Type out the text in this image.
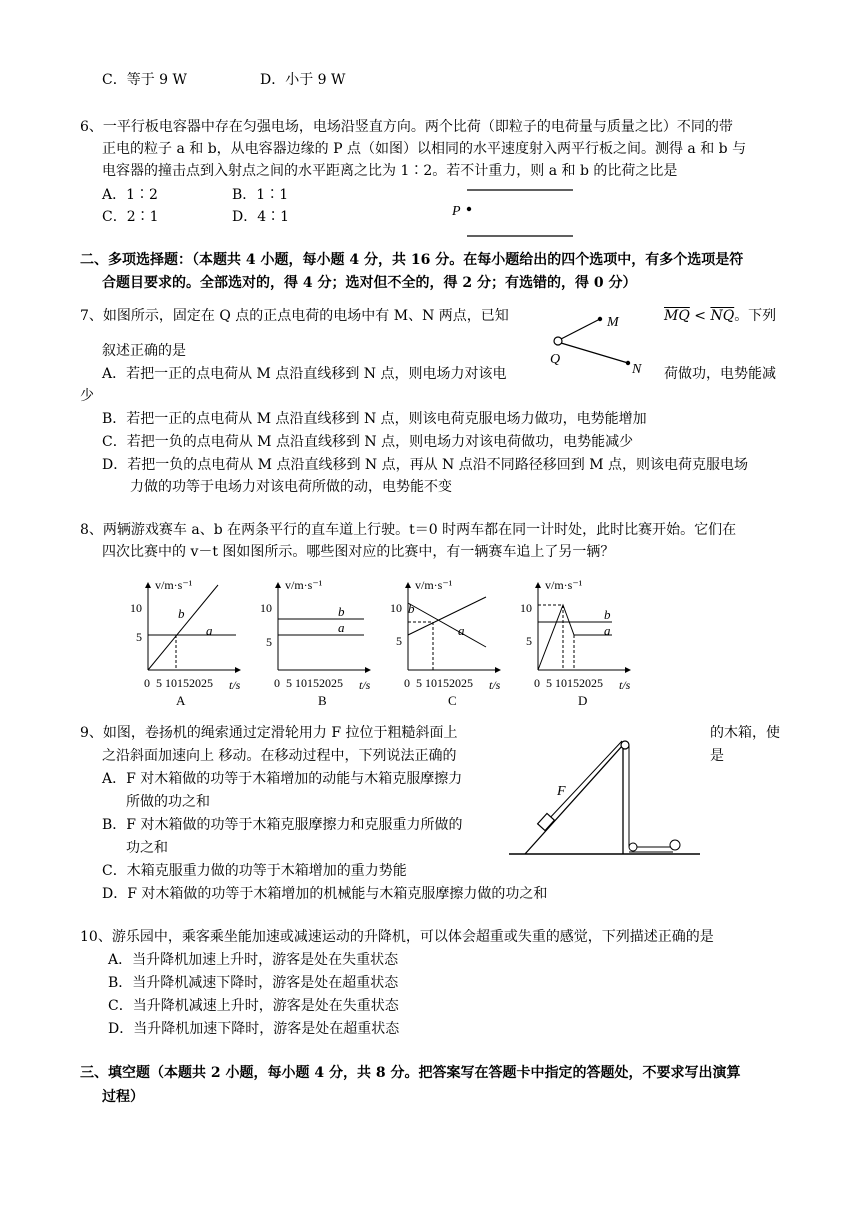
C．等于 9 W	D．小于 9 W
6、一平行板电容器中存在匀强电场，电场沿竖直方向。两个比荷（即粒子的电荷量与质量之比）不同的带
正电的粒子 a 和 b，从电容器边缘的 P 点（如图）以相同的水平速度射入两平行板之间。测得 a 和 b 与
电容器的撞击点到入射点之间的水平距离之比为 1∶2。若不计重力，则 a 和 b 的比荷之比是
A．1∶2	B．1∶1
C．2∶1	D．4∶1	P
二、多项选择题：（本题共 4 小题，每小题 4 分，共 16 分。在每小题给出的四个选项中，有多个选项是符
合题目要求的。全部选对的，得 4 分；选对但不全的，得 2 分；有选错的，得 0 分）
7、如图所示，固定在 Q 点的正点电荷的电场中有 M、N 两点，已知	$\overline{MQ} < \overline{NQ}$。下列
叙述正确的是
A．若把一正的点电荷从 M 点沿直线移到 N 点，则电场力对该电	荷做功，电势能减
少
B．若把一正的点电荷从 M 点沿直线移到 N 点，则该电荷克服电场力做功，电势能增加
C．若把一负的点电荷从 M 点沿直线移到 N 点，则电场力对该电荷做功，电势能减少
D．若把一负的点电荷从 M 点沿直线移到 N 点，再从 N 点沿不同路径移回到 M 点，则该电荷克服电场
力做的功等于电场力对该电荷所做的动，电势能不变
M
Q
N
8、两辆游戏赛车 a、b 在两条平行的直车道上行驶。t＝0 时两车都在同一计时处，此时比赛开始。它们在
四次比赛中的 v－t 图如图所示。哪些图对应的比赛中，有一辆赛车追上了另一辆？
v/m·s⁻¹
10
5
0  5 10152025 t/s
b
a
A
v/m·s⁻¹
10
5
0  5 10152025 t/s
b
a
B
v/m·s⁻¹
10
5
0  5 10152025 t/s
b
a
C
v/m·s⁻¹
10
5
0  5 10152025 t/s
b
a
D
9、如图，卷扬机的绳索通过定滑轮用力 F 拉位于粗糙斜面上	的木箱，使
之沿斜面加速向上 移动。在移动过程中，下列说法正确的	是
A．F 对木箱做的功等于木箱增加的动能与木箱克服摩擦力
所做的功之和
B．F 对木箱做的功等于木箱克服摩擦力和克服重力所做的
功之和
C．木箱克服重力做的功等于木箱增加的重力势能
D．F 对木箱做的功等于木箱增加的机械能与木箱克服摩擦力做的功之和
F
10、游乐园中，乘客乘坐能加速或减速运动的升降机，可以体会超重或失重的感觉，下列描述正确的是
A．当升降机加速上升时，游客是处在失重状态
B．当升降机减速下降时，游客是处在超重状态
C．当升降机减速上升时，游客是处在失重状态
D．当升降机加速下降时，游客是处在超重状态
三、填空题（本题共 2 小题，每小题 4 分，共 8 分。把答案写在答题卡中指定的答题处，不要求写出演算
过程）
